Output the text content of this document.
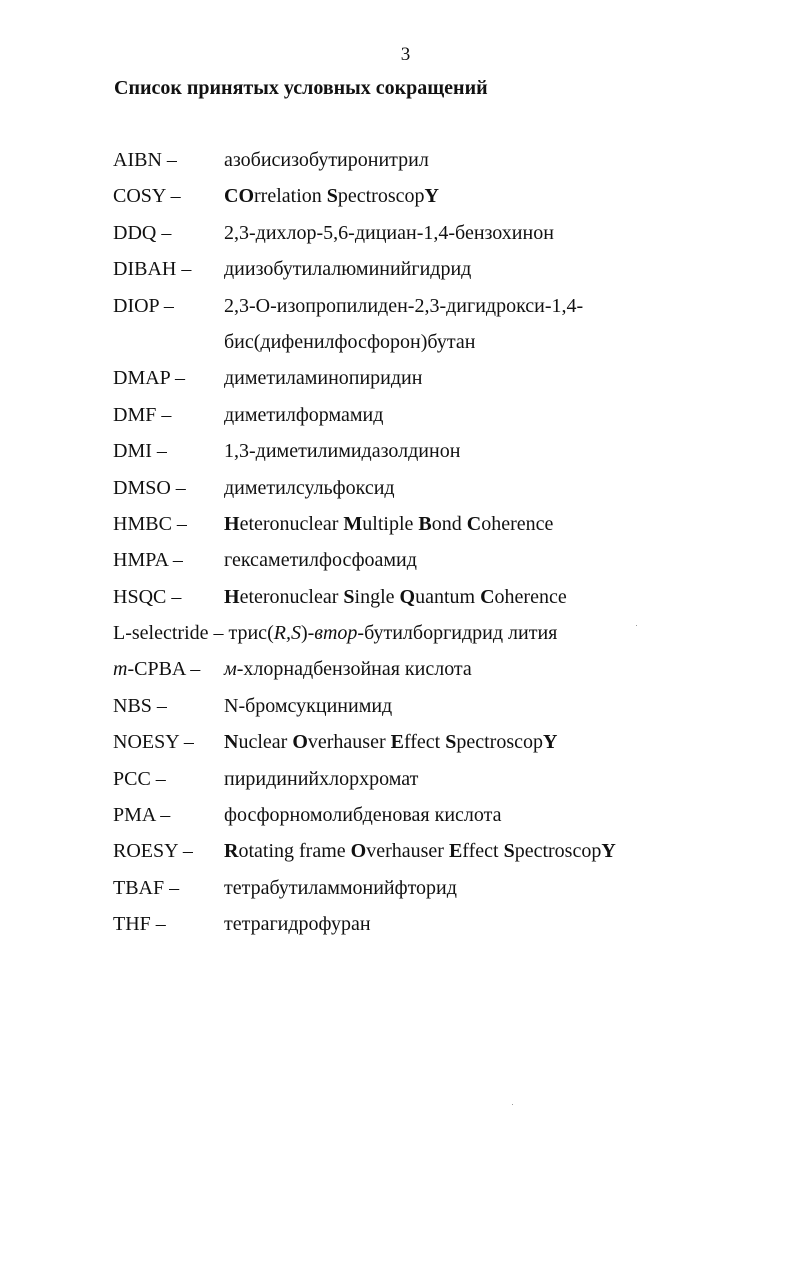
3
Список принятых условных сокращений
AIBN – азобисизобутиронитрил
COSY – COrrelation SpectroscopY
DDQ –	2,3-дихлор-5,6-дициан-1,4-бензохинон
DIBAH – диизобутилалюминийгидрид
DIOP –	2,3-О-изопропилиден-2,3-дигидрокси-1,4-
бис(дифенилфосфорон)бутан
DMAP – диметиламинопиридин
DMF –	диметилформамид
DMI –	1,3-диметилимидазолдинон
DMSO – диметилсульфоксид
HMBC – Heteronuclear Multiple Bond Coherence
HMPA – гексаметилфосфоамид
HSQC – Heteronuclear Single Quantum Coherence
L-selectride – трис(R,S)-втор-бутилборгидрид лития
m-CPBA – м-хлорнадбензойная кислота
NBS –	N-бромсукцинимид
NOESY – Nuclear Overhauser Effect SpectroscopY
PCC –	пиридинийхлорхромат
PMA –	фосфорномолибденовая кислота
ROESY – Rotating frame Overhauser Effect SpectroscopY
TBAF – тетрабутиламмонийфторид
THF –	тетрагидрофуран
